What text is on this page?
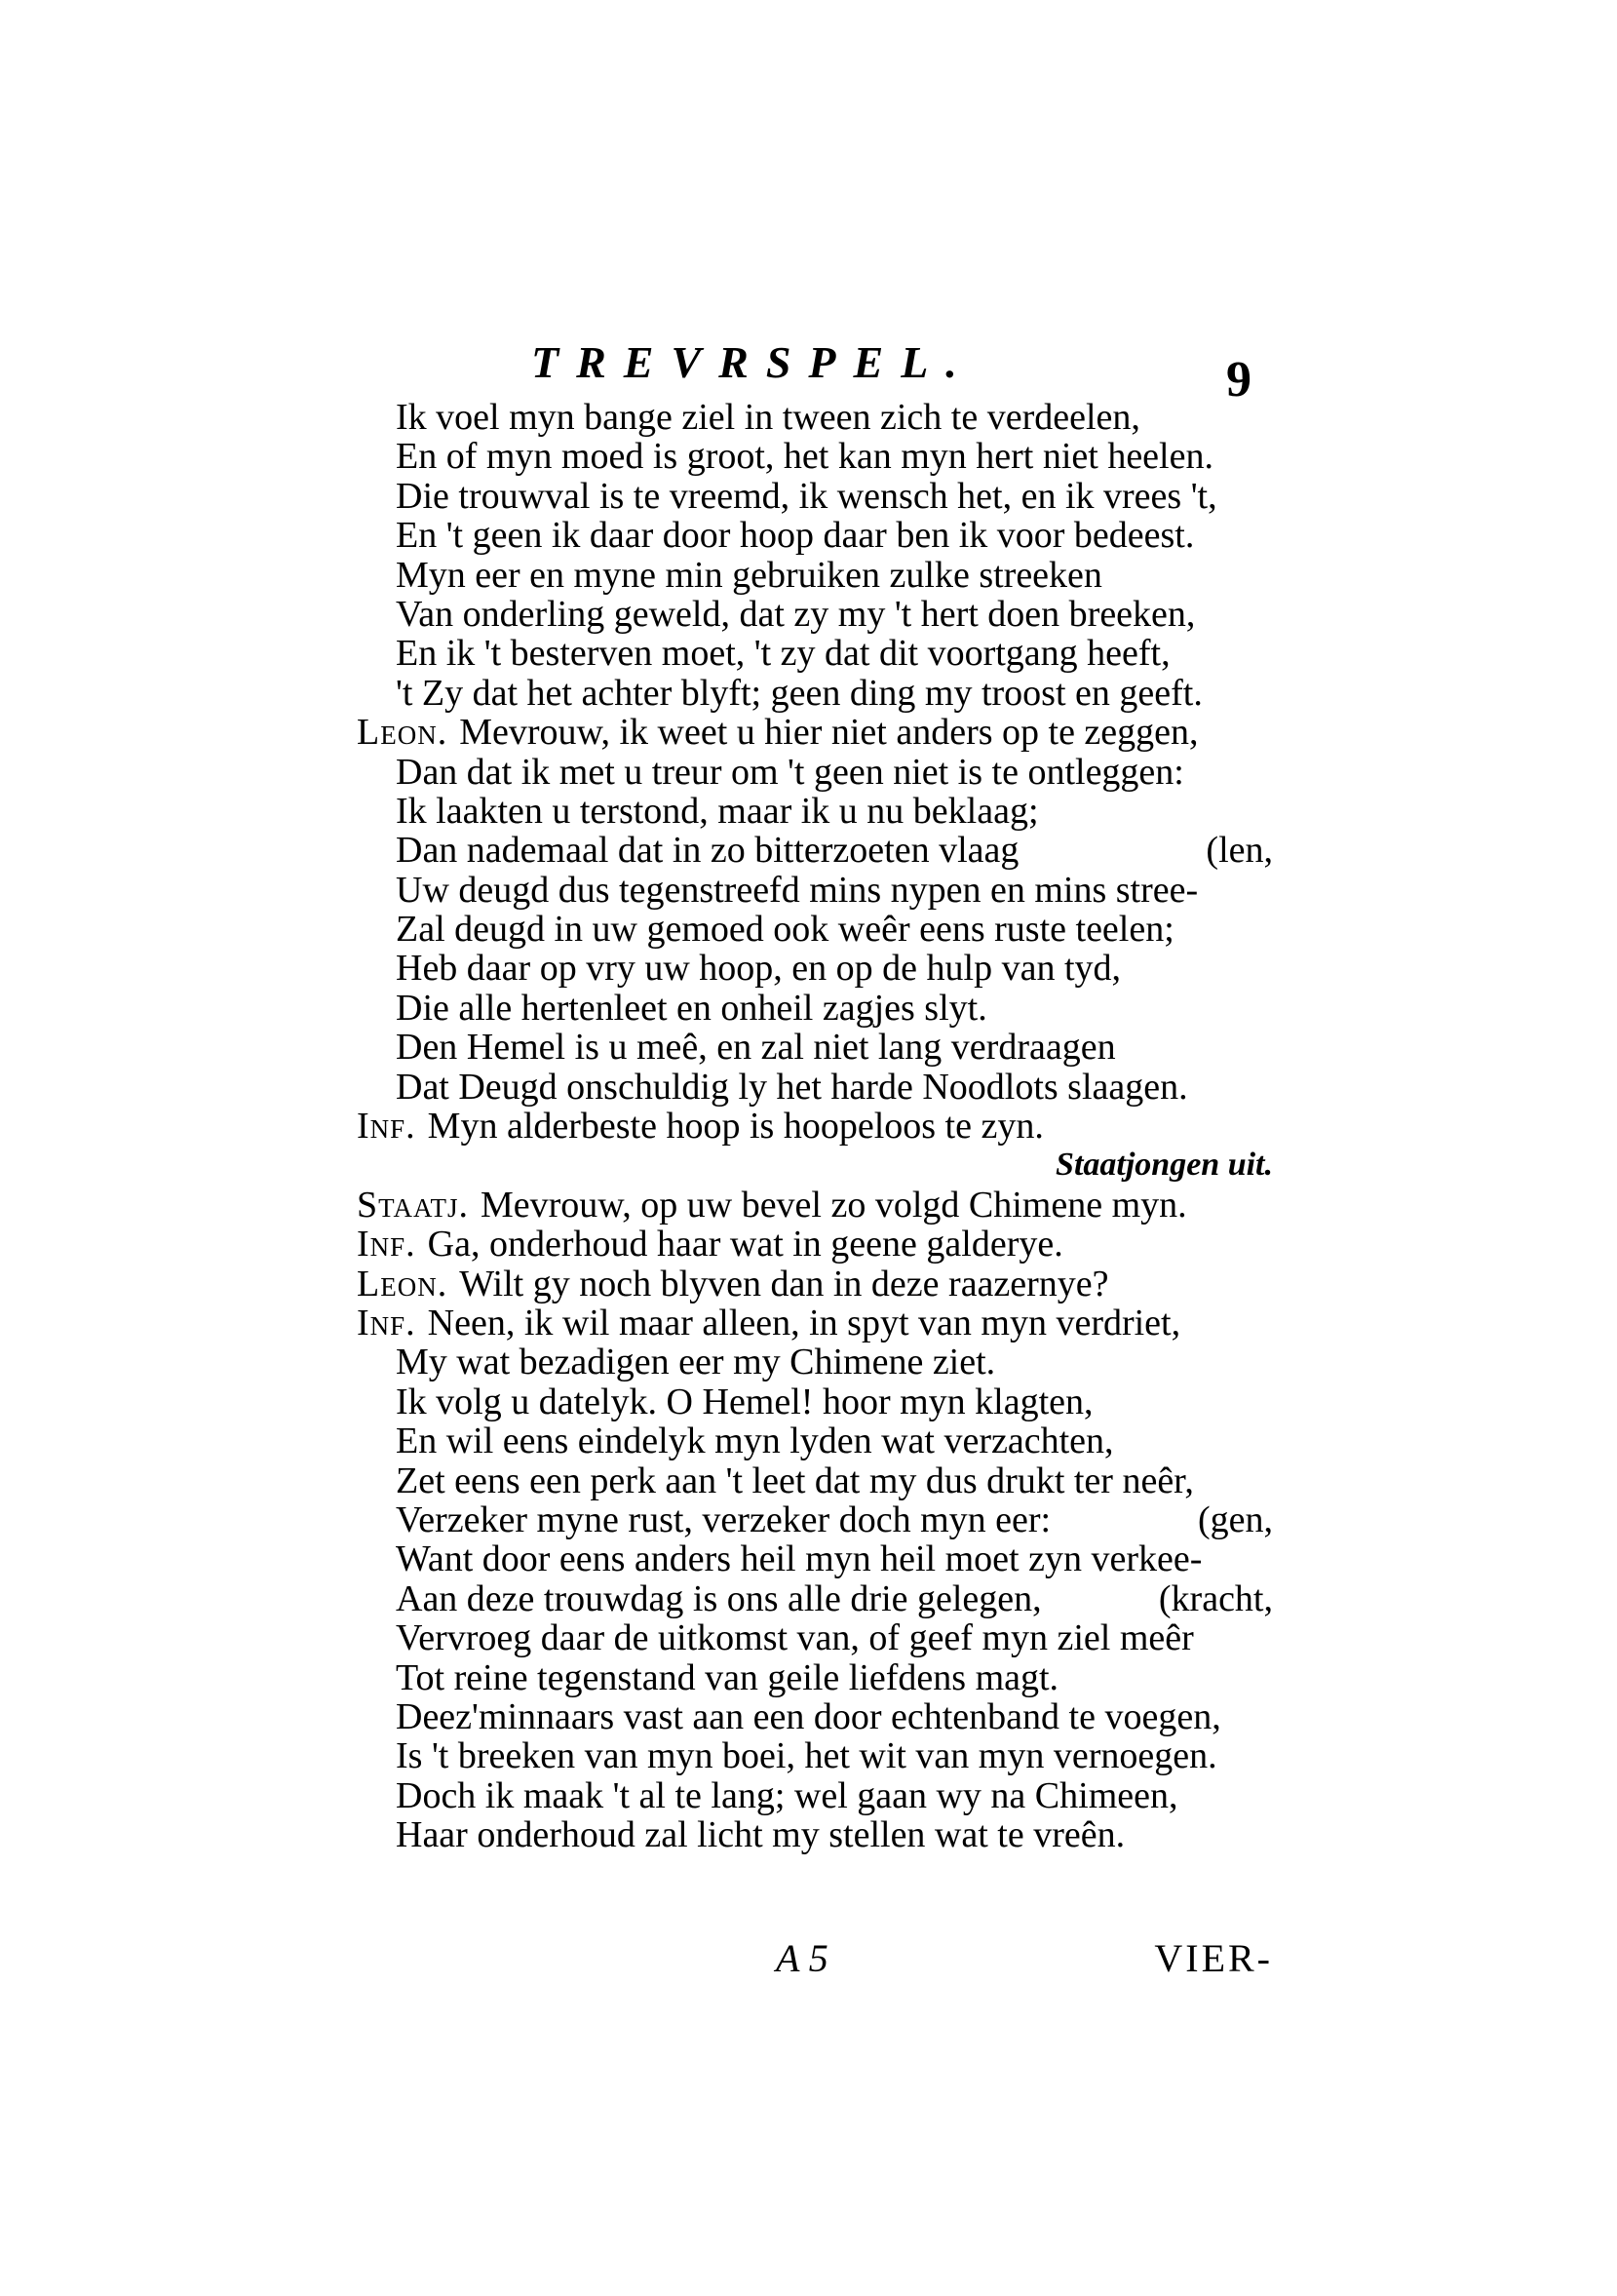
TREVRSPEL.	9
Ik voel myn bange ziel in tween zich te verdeelen,
En of myn moed is groot, het kan myn hert niet heelen.
Die trouwval is te vreemd, ik wensch het, en ik vrees 't,
En 't geen ik daar door hoop daar ben ik voor bedeest.
Myn eer en myne min gebruiken zulke streeken
Van onderling geweld, dat zy my 't hert doen breeken,
En ik 't besterven moet, 't zy dat dit voortgang heeft,
't Zy dat het achter blyft; geen ding my troost en geeft.
Leon. Mevrouw, ik weet u hier niet anders op te zeggen,
Dan dat ik met u treur om 't geen niet is te ontleggen:
Ik laakten u terstond, maar ik u nu beklaag;
Dan nademaal dat in zo bitterzoeten vlaag	(len,
Uw deugd dus tegenstreefd mins nypen en mins stree-
Zal deugd in uw gemoed ook weêr eens ruste teelen;
Heb daar op vry uw hoop, en op de hulp van tyd,
Die alle hertenleet en onheil zagjes slyt.
Den Hemel is u meê, en zal niet lang verdraagen
Dat Deugd onschuldig ly het harde Noodlots slaagen.
Inf. Myn alderbeste hoop is hoopeloos te zyn.
Staatjongen uit.
Staatj. Mevrouw, op uw bevel zo volgd Chimene myn.
Inf. Ga, onderhoud haar wat in geene galderye.
Leon. Wilt gy noch blyven dan in deze raazernye?
Inf. Neen, ik wil maar alleen, in spyt van myn verdriet,
My wat bezadigen eer my Chimene ziet.
Ik volg u datelyk. O Hemel! hoor myn klagten,
En wil eens eindelyk myn lyden wat verzachten,
Zet eens een perk aan 't leet dat my dus drukt ter neêr,
Verzeker myne rust, verzeker doch myn eer:	(gen,
Want door eens anders heil myn heil moet zyn verkee-
Aan deze trouwdag is ons alle drie gelegen,	(kracht,
Vervroeg daar de uitkomst van, of geef myn ziel meêr
Tot reine tegenstand van geile liefdens magt.
Deez'minnaars vast aan een door echtenband te voegen,
Is 't breeken van myn boei, het wit van myn vernoegen.
Doch ik maak 't al te lang; wel gaan wy na Chimeen,
Haar onderhoud zal licht my stellen wat te vreên.
A 5	VIER-
